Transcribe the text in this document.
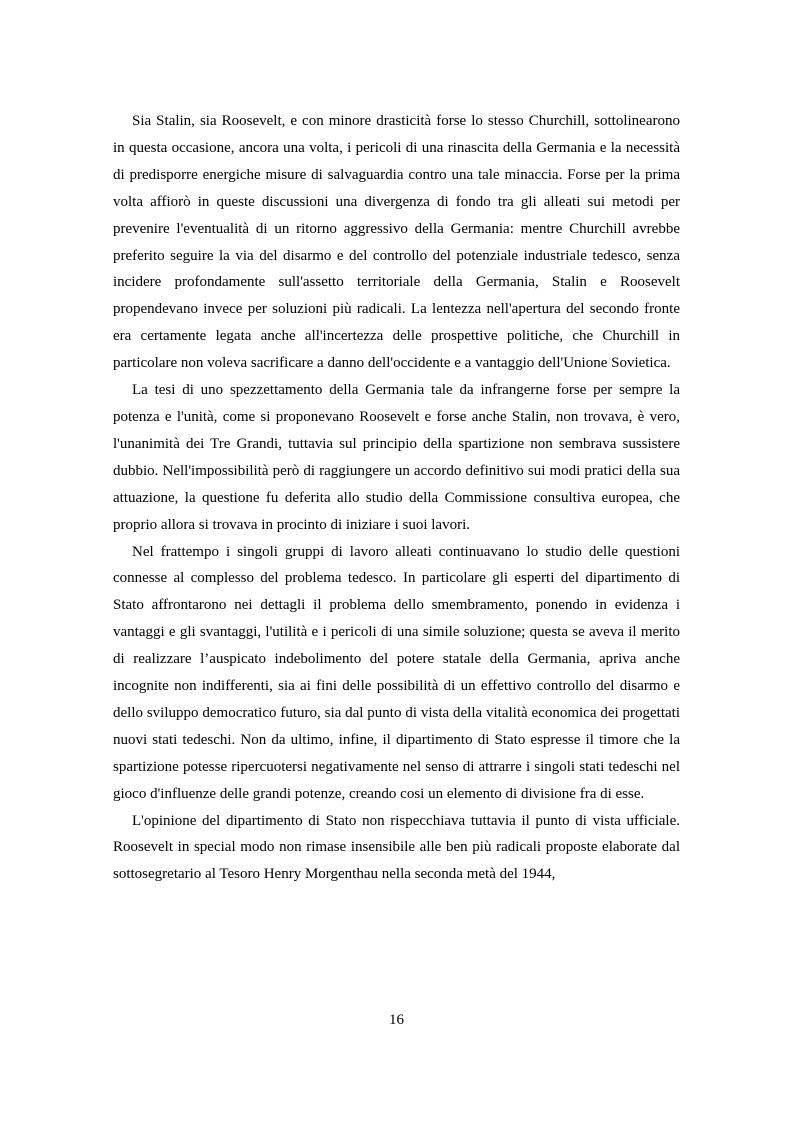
Sia Stalin, sia Roosevelt, e con minore drasticità forse lo stesso Churchill, sottolinearono in questa occasione, ancora una volta, i pericoli di una rinascita della Germania e la necessità di predisporre energiche misure di salvaguardia contro una tale minaccia. Forse per la prima volta affiorò in queste discussioni una divergenza di fondo tra gli alleati sui metodi per prevenire l'eventualità di un ritorno aggressivo della Germania: mentre Churchill avrebbe preferito seguire la via del disarmo e del controllo del potenziale industriale tedesco, senza incidere profondamente sull'assetto territoriale della Germania, Stalin e Roosevelt propendevano invece per soluzioni più radicali. La lentezza nell'apertura del secondo fronte era certamente legata anche all'incertezza delle prospettive politiche, che Churchill in particolare non voleva sacrificare a danno dell'occidente e a vantaggio dell'Unione Sovietica.

La tesi di uno spezzettamento della Germania tale da infrangerne forse per sempre la potenza e l'unità, come si proponevano Roosevelt e forse anche Stalin, non trovava, è vero, l'unanimità dei Tre Grandi, tuttavia sul principio della spartizione non sembrava sussistere dubbio. Nell'impossibilità però di raggiungere un accordo definitivo sui modi pratici della sua attuazione, la questione fu deferita allo studio della Commissione consultiva europea, che proprio allora si trovava in procinto di iniziare i suoi lavori.

Nel frattempo i singoli gruppi di lavoro alleati continuavano lo studio delle questioni connesse al complesso del problema tedesco. In particolare gli esperti del dipartimento di Stato affrontarono nei dettagli il problema dello smembramento, ponendo in evidenza i vantaggi e gli svantaggi, l'utilità e i pericoli di una simile soluzione; questa se aveva il merito di realizzare l’auspicato indebolimento del potere statale della Germania, apriva anche incognite non indifferenti, sia ai fini delle possibilità di un effettivo controllo del disarmo e dello sviluppo democratico futuro, sia dal punto di vista della vitalità economica dei progettati nuovi stati tedeschi. Non da ultimo, infine, il dipartimento di Stato espresse il timore che la spartizione potesse ripercuotersi negativamente nel senso di attrarre i singoli stati tedeschi nel gioco d'influenze delle grandi potenze, creando cosi un elemento di divisione fra di esse.

L'opinione del dipartimento di Stato non rispecchiava tuttavia il punto di vista ufficiale. Roosevelt in special modo non rimase insensibile alle ben più radicali proposte elaborate dal sottosegretario al Tesoro Henry Morgenthau nella seconda metà del 1944,

16
